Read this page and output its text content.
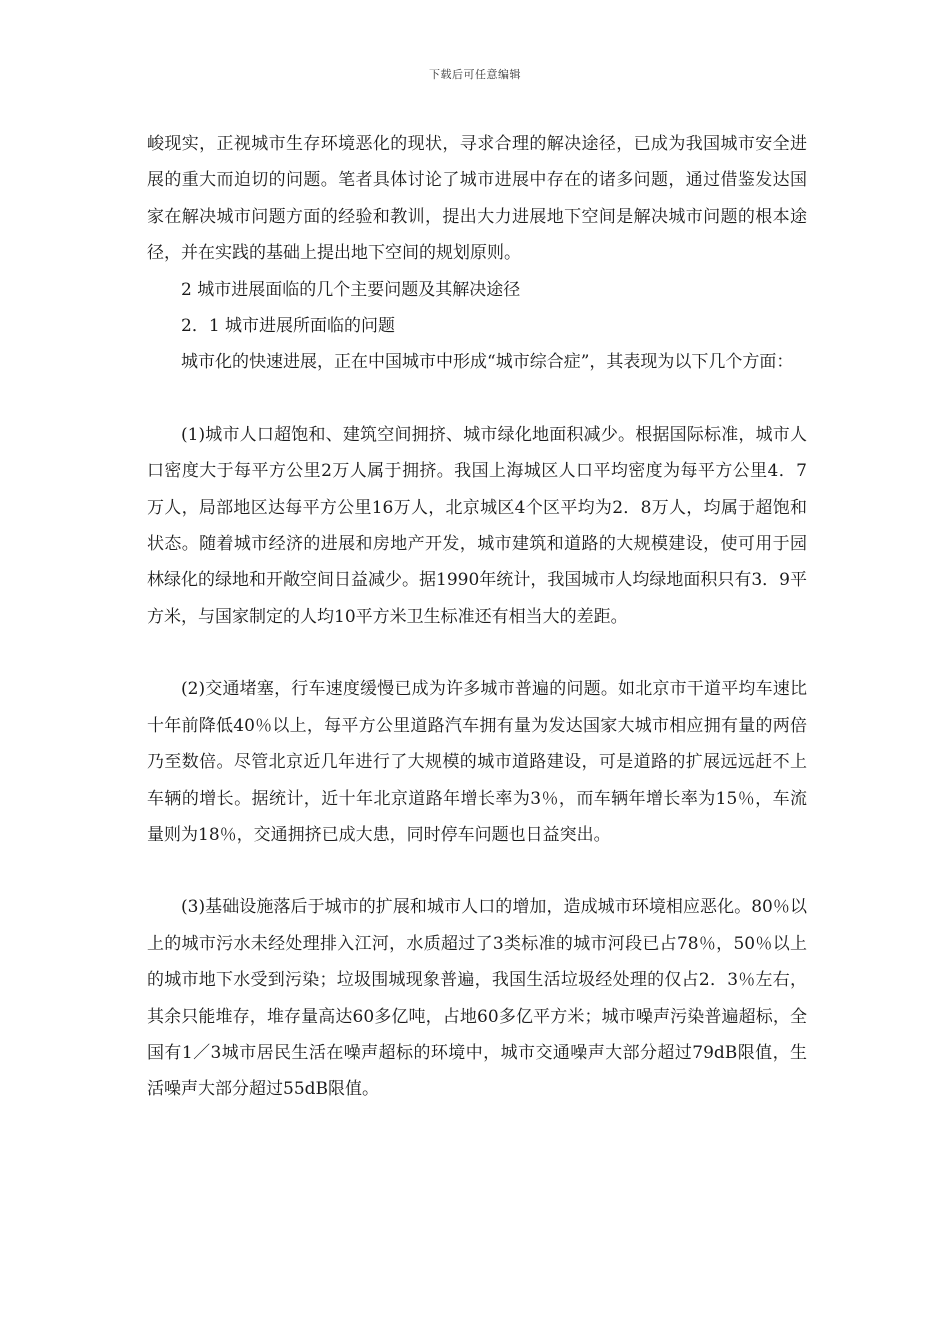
下载后可任意编辑

峻现实，正视城市生存环境恶化的现状，寻求合理的解决途径，已成为我国城市安全进展的重大而迫切的问题。笔者具体讨论了城市进展中存在的诸多问题，通过借鉴发达国家在解决城市问题方面的经验和教训，提出大力进展地下空间是解决城市问题的根本途径，并在实践的基础上提出地下空间的规划原则。

2 城市进展面临的几个主要问题及其解决途径

2．1 城市进展所面临的问题

城市化的快速进展，正在中国城市中形成“城市综合症”，其表现为以下几个方面：

(1)城市人口超饱和、建筑空间拥挤、城市绿化地面积减少。根据国际标准，城市人口密度大于每平方公里2万人属于拥挤。我国上海城区人口平均密度为每平方公里4．7万人，局部地区达每平方公里16万人，北京城区4个区平均为2．8万人，均属于超饱和状态。随着城市经济的进展和房地产开发，城市建筑和道路的大规模建设，使可用于园林绿化的绿地和开敞空间日益减少。据1990年统计，我国城市人均绿地面积只有3．9平方米，与国家制定的人均10平方米卫生标准还有相当大的差距。

(2)交通堵塞，行车速度缓慢已成为许多城市普遍的问题。如北京市干道平均车速比十年前降低40％以上，每平方公里道路汽车拥有量为发达国家大城市相应拥有量的两倍乃至数倍。尽管北京近几年进行了大规模的城市道路建设，可是道路的扩展远远赶不上车辆的增长。据统计，近十年北京道路年增长率为3％，而车辆年增长率为15％，车流量则为18％，交通拥挤已成大患，同时停车问题也日益突出。

(3)基础设施落后于城市的扩展和城市人口的增加，造成城市环境相应恶化。80％以上的城市污水未经处理排入江河，水质超过了3类标准的城市河段已占78％，50％以上的城市地下水受到污染；垃圾围城现象普遍，我国生活垃圾经处理的仅占2．3％左右，其余只能堆存，堆存量高达60多亿吨，占地60多亿平方米；城市噪声污染普遍超标，全国有1／3城市居民生活在噪声超标的环境中，城市交通噪声大部分超过79dB限值，生活噪声大部分超过55dB限值。
